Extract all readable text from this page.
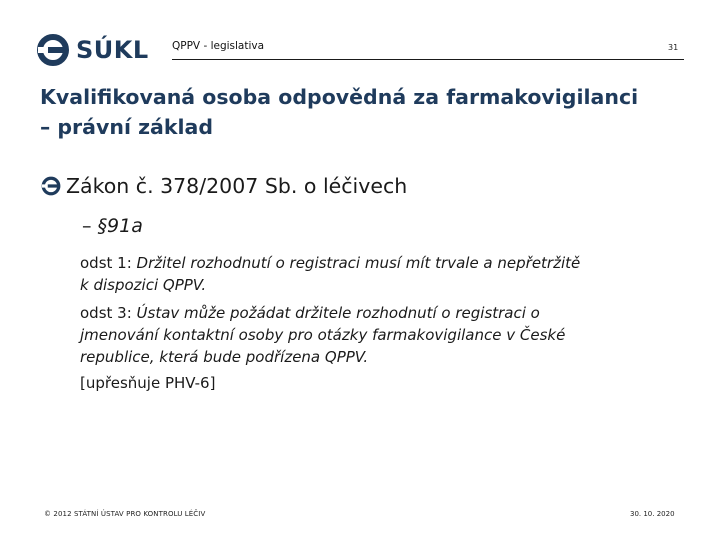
SÚKL QPPV - legislativa	31
Kvalifikovaná osoba odpovědná za farmakovigilanci
– právní základ
Zákon č. 378/2007 Sb. o léčivech
– §91a

odst 1: Držitel rozhodnutí o registraci musí mít trvale a nepřetržitě
k dispozici QPPV.

odst 3: Ústav může požádat držitele rozhodnutí o registraci o
jmenování kontaktní osoby pro otázky farmakovigilance v České
republice, která bude podřízena QPPV.

[upřesňuje PHV-6]

© 2012 STÁTNÍ ÚSTAV PRO KONTROLU LÉČIV	30. 10. 2020
